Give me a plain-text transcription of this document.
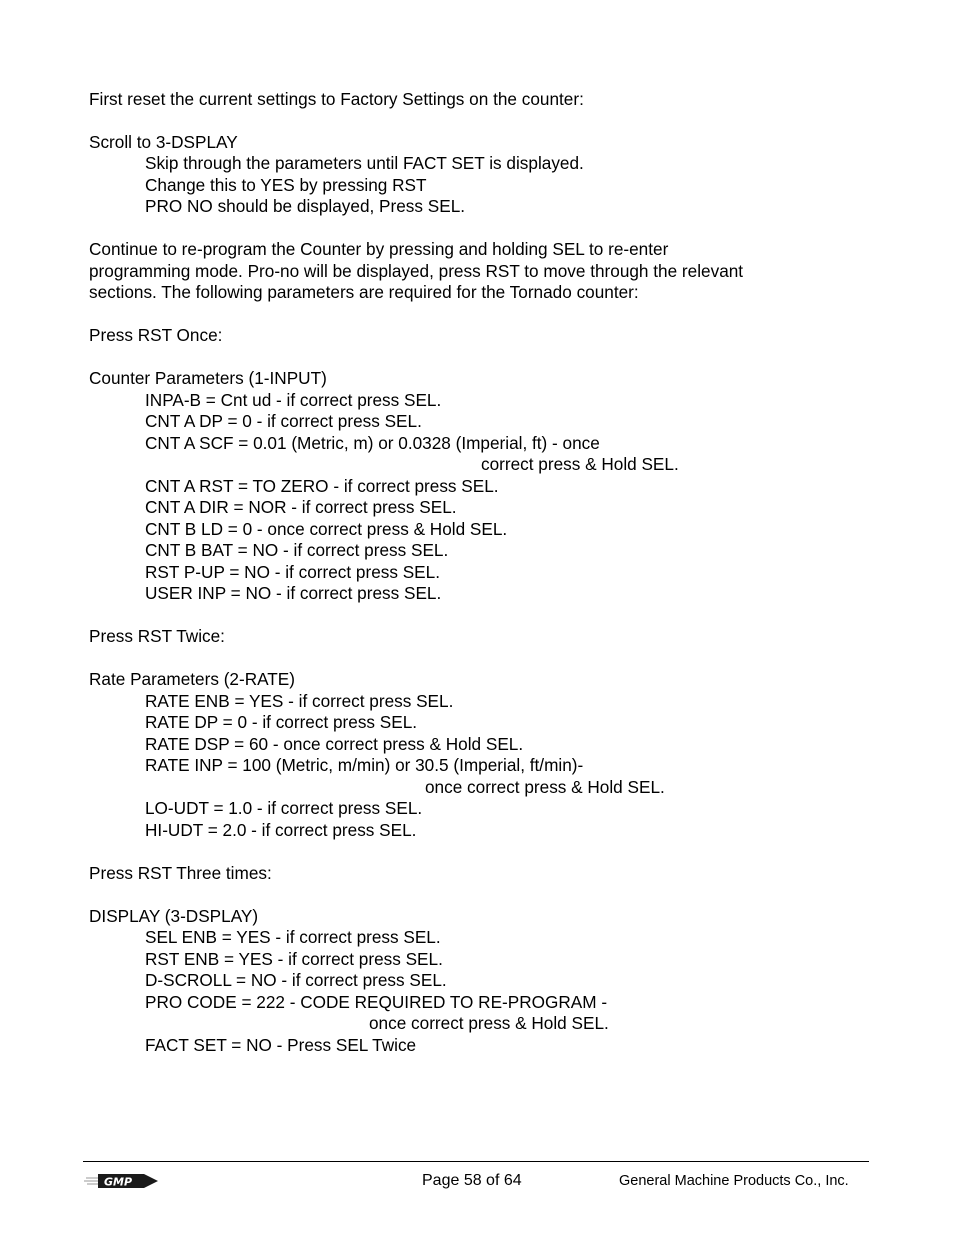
First reset the current settings to Factory Settings on the counter:
Scroll to 3-DSPLAY
Skip through the parameters until FACT SET is displayed.
Change this to YES by pressing RST
PRO NO should be displayed, Press SEL.
Continue to re-program the Counter by pressing and holding SEL to re-enter
programming mode. Pro-no will be displayed, press RST to move through the relevant
sections. The following parameters are required for the Tornado counter:
Press RST Once:
Counter Parameters (1-INPUT)
INPA-B = Cnt ud - if correct press SEL.
CNT A DP = 0 - if correct press SEL.
CNT A SCF = 0.01 (Metric, m) or 0.0328 (Imperial, ft) - once
correct press & Hold SEL.
CNT A RST = TO ZERO - if correct press SEL.
CNT A DIR = NOR - if correct press SEL.
CNT B LD = 0 - once correct press & Hold SEL.
CNT B BAT = NO - if correct press SEL.
RST P-UP = NO - if correct press SEL.
USER INP = NO - if correct press SEL.
Press RST Twice:
Rate Parameters (2-RATE)
RATE ENB = YES - if correct press SEL.
RATE DP = 0 - if correct press SEL.
RATE DSP = 60 - once correct press & Hold SEL.
RATE INP = 100 (Metric, m/min) or 30.5 (Imperial, ft/min)-
once correct press & Hold SEL.
LO-UDT = 1.0 - if correct press SEL.
HI-UDT = 2.0 - if correct press SEL.
Press RST Three times:
DISPLAY (3-DSPLAY)
SEL ENB = YES - if correct press SEL.
RST ENB = YES - if correct press SEL.
D-SCROLL = NO - if correct press SEL.
PRO CODE = 222 - CODE REQUIRED TO RE-PROGRAM -
once correct press & Hold SEL.
FACT SET = NO - Press SEL Twice
GMP	Page 58 of 64	General Machine Products Co., Inc.
